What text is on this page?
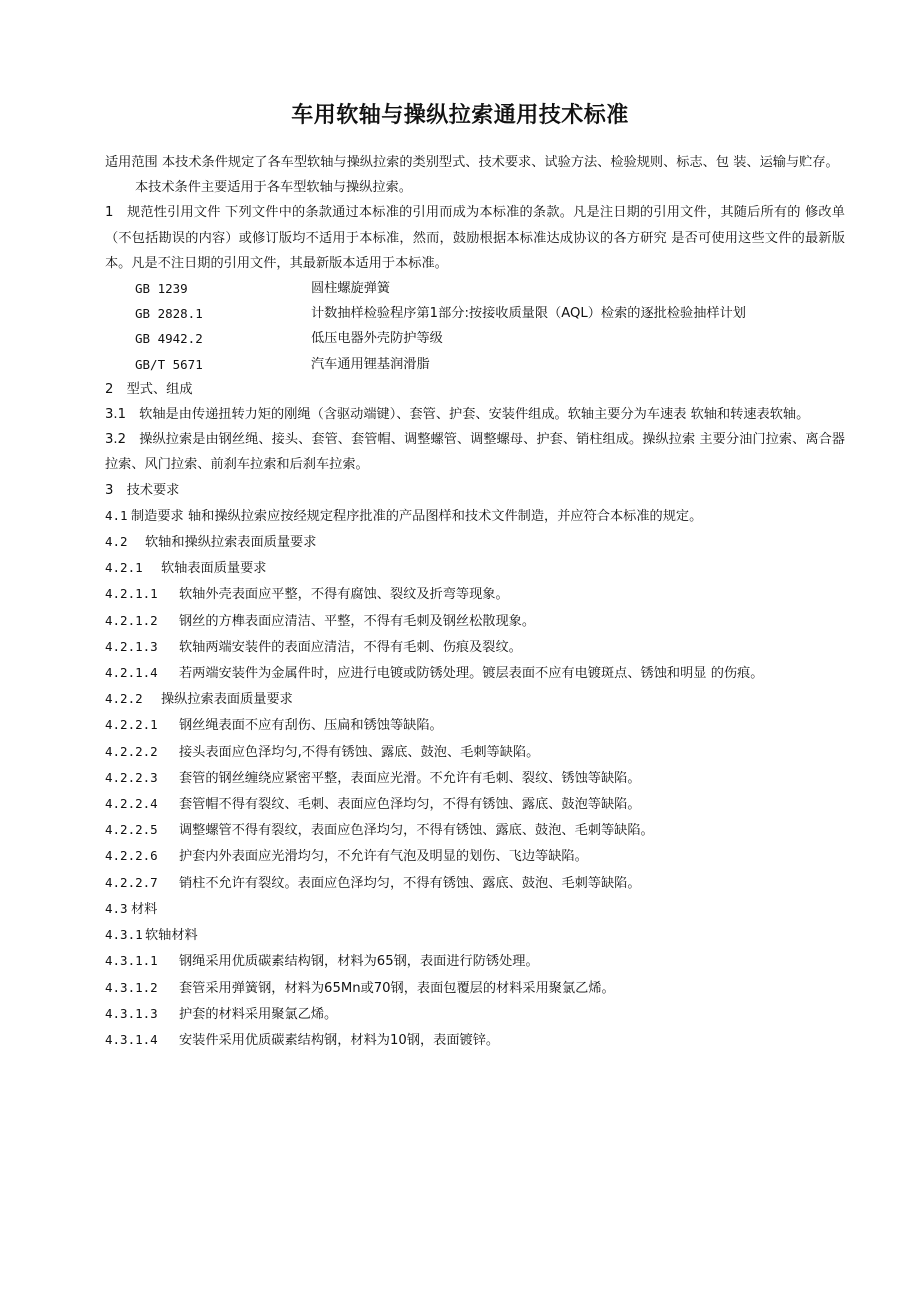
车用软轴与操纵拉索通用技术标准

适用范围 本技术条件规定了各车型软轴与操纵拉索的类别型式、技术要求、试验方法、检验规则、标志、包 装、运输与贮存。

本技术条件主要适用于各车型软轴与操纵拉索。

1　规范性引用文件 下列文件中的条款通过本标准的引用而成为本标准的条款。凡是注日期的引用文件，其随后所有的 修改单（不包括勘误的内容）或修订版均不适用于本标准，然而，鼓励根据本标准达成协议的各方研究 是否可使用这些文件的最新版本。凡是不注日期的引用文件，其最新版本适用于本标准。

GB 1239	圆柱螺旋弹簧
GB 2828.1	计数抽样检验程序第1部分:按接收质量限（AQL）检索的逐批检验抽样计划
GB 4942.2	低压电器外壳防护等级
GB/T 5671	汽车通用锂基润滑脂

2　型式、组成

3.1　软轴是由传递扭转力矩的刚绳（含驱动端键）、套管、护套、安装件组成。软轴主要分为车速表 软轴和转速表软轴。

3.2　操纵拉索是由钢丝绳、接头、套管、套管帽、调整螺管、调整螺母、护套、销柱组成。操纵拉索 主要分油门拉索、离合器拉索、风门拉索、前刹车拉索和后刹车拉索。

3　技术要求

4.1 制造要求 轴和操纵拉索应按经规定程序批准的产品图样和技术文件制造，并应符合本标准的规定。

4.2 软轴和操纵拉索表面质量要求

4.2.1 软轴表面质量要求

4.2.1.1 软轴外壳表面应平整，不得有腐蚀、裂纹及折弯等现象。

4.2.1.2 钢丝的方榫表面应清洁、平整，不得有毛刺及钢丝松散现象。

4.2.1.3 软轴两端安装件的表面应清洁，不得有毛刺、伤痕及裂纹。

4.2.1.4 若两端安装件为金属件时，应进行电镀或防锈处理。镀层表面不应有电镀斑点、锈蚀和明显 的伤痕。

4.2.2 操纵拉索表面质量要求

4.2.2.1 钢丝绳表面不应有刮伤、压扁和锈蚀等缺陷。

4.2.2.2 接头表面应色泽均匀,不得有锈蚀、露底、鼓泡、毛刺等缺陷。

4.2.2.3 套管的钢丝缠绕应紧密平整，表面应光滑。不允许有毛刺、裂纹、锈蚀等缺陷。

4.2.2.4 套管帽不得有裂纹、毛刺、表面应色泽均匀，不得有锈蚀、露底、鼓泡等缺陷。

4.2.2.5 调整螺管不得有裂纹，表面应色泽均匀，不得有锈蚀、露底、鼓泡、毛刺等缺陷。

4.2.2.6 护套内外表面应光滑均匀，不允许有气泡及明显的划伤、飞边等缺陷。

4.2.2.7 销柱不允许有裂纹。表面应色泽均匀，不得有锈蚀、露底、鼓泡、毛刺等缺陷。

4.3 材料

4.3.1 软轴材料

4.3.1.1 钢绳采用优质碳素结构钢，材料为65钢，表面进行防锈处理。

4.3.1.2 套管采用弹簧钢，材料为65Mn或70钢，表面包覆层的材料采用聚氯乙烯。

4.3.1.3 护套的材料采用聚氯乙烯。

4.3.1.4 安装件采用优质碳素结构钢，材料为10钢，表面镀锌。
